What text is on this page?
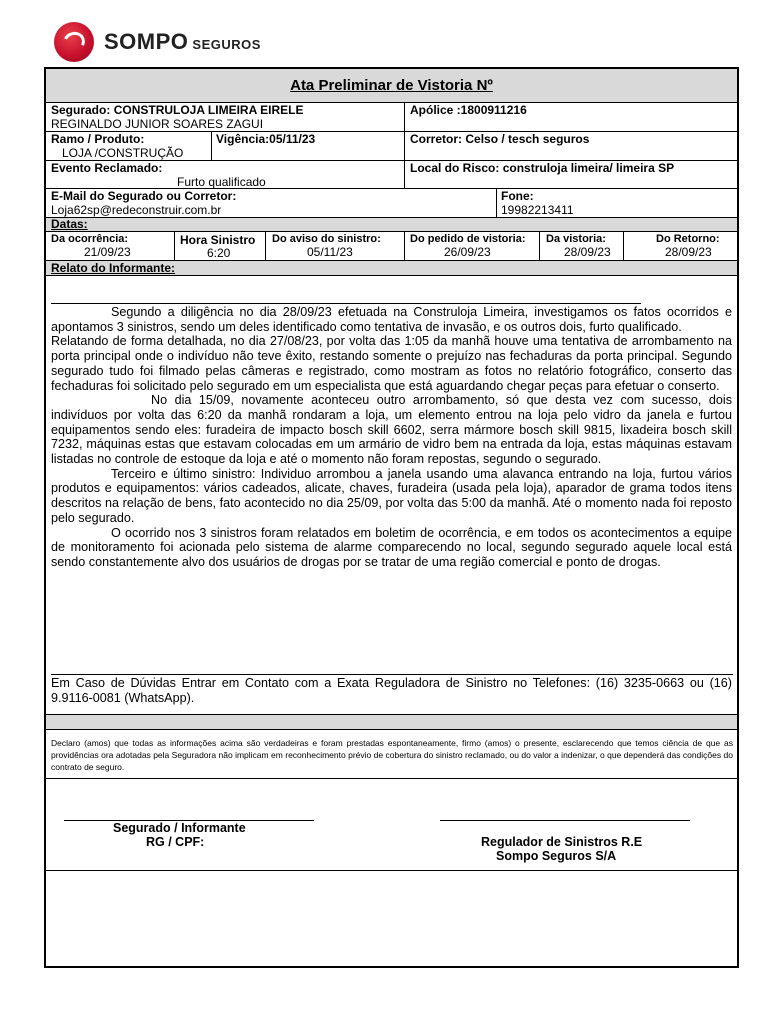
SOMPO SEGUROS
Ata Preliminar de Vistoria Nº
Segurado: CONSTRULOJA LIMEIRA EIRELE
REGINALDO JUNIOR SOARES ZAGUI
Apólice :1800911216
Ramo / Produto:
LOJA /CONSTRUÇÃO
Vigência:05/11/23	Corretor: Celso / tesch seguros
Evento Reclamado:
Furto qualificado
Local do Risco: construloja limeira/ limeira SP
E-Mail do Segurado ou Corretor:
Loja62sp@redeconstruir.com.br
Fone:
19982213411
Datas:
Da ocorrência:
21/09/23
Hora Sinistro
6:20
Do aviso do sinistro:
05/11/23
Do pedido de vistoria:
26/09/23
Da vistoria:
28/09/23
Do Retorno:
28/09/23
Relato do Informante:

Segundo a diligência no dia 28/09/23 efetuada na Construloja Limeira, investigamos os fatos ocorridos e apontamos 3 sinistros, sendo um deles identificado como tentativa de invasão, e os outros dois, furto qualificado.

Relatando de forma detalhada, no dia 27/08/23, por volta das 1:05 da manhã houve uma tentativa de arrombamento na porta principal onde o indivíduo não teve êxito, restando somente o prejuízo nas fechaduras da porta principal. Segundo segurado tudo foi filmado pelas câmeras e registrado, como mostram as fotos no relatório fotográfico, conserto das fechaduras foi solicitado pelo segurado em um especialista que está aguardando chegar peças para efetuar o conserto.

No dia 15/09, novamente aconteceu outro arrombamento, só que desta vez com sucesso, dois indivíduos por volta das 6:20 da manhã rondaram a loja, um elemento entrou na loja pelo vidro da janela e furtou equipamentos sendo eles: furadeira de impacto bosch skill 6602, serra mármore bosch skill 9815, lixadeira bosch skill 7232, máquinas estas que estavam colocadas em um armário de vidro bem na entrada da loja, estas máquinas estavam listadas no controle de estoque da loja e até o momento não foram repostas, segundo o segurado.

Terceiro e último sinistro: Individuo arrombou a janela usando uma alavanca entrando na loja, furtou vários produtos e equipamentos: vários cadeados, alicate, chaves, furadeira (usada pela loja), aparador de grama todos itens descritos na relação de bens, fato acontecido no dia 25/09, por volta das 5:00 da manhã. Até o momento nada foi reposto pelo segurado.

O ocorrido nos 3 sinistros foram relatados em boletim de ocorrência, e em todos os acontecimentos a equipe de monitoramento foi acionada pelo sistema de alarme comparecendo no local, segundo segurado aquele local está sendo constantemente alvo dos usuários de drogas por se tratar de uma região comercial e ponto de drogas.

Em Caso de Dúvidas Entrar em Contato com a Exata Reguladora de Sinistro no Telefones: (16) 3235-0663 ou (16) 9.9116-0081 (WhatsApp).
Declaro (amos) que todas as informações acima são verdadeiras e foram prestadas espontaneamente, firmo (amos) o presente, esclarecendo que temos ciência de que as providências ora adotadas pela Seguradora não implicam em reconhecimento prévio de cobertura do sinistro reclamado, ou do valor a indenizar, o que dependerá das condições do contrato de seguro.
Segurado / Informante
RG / CPF:	Regulador de Sinistros R.E
Sompo Seguros S/A
